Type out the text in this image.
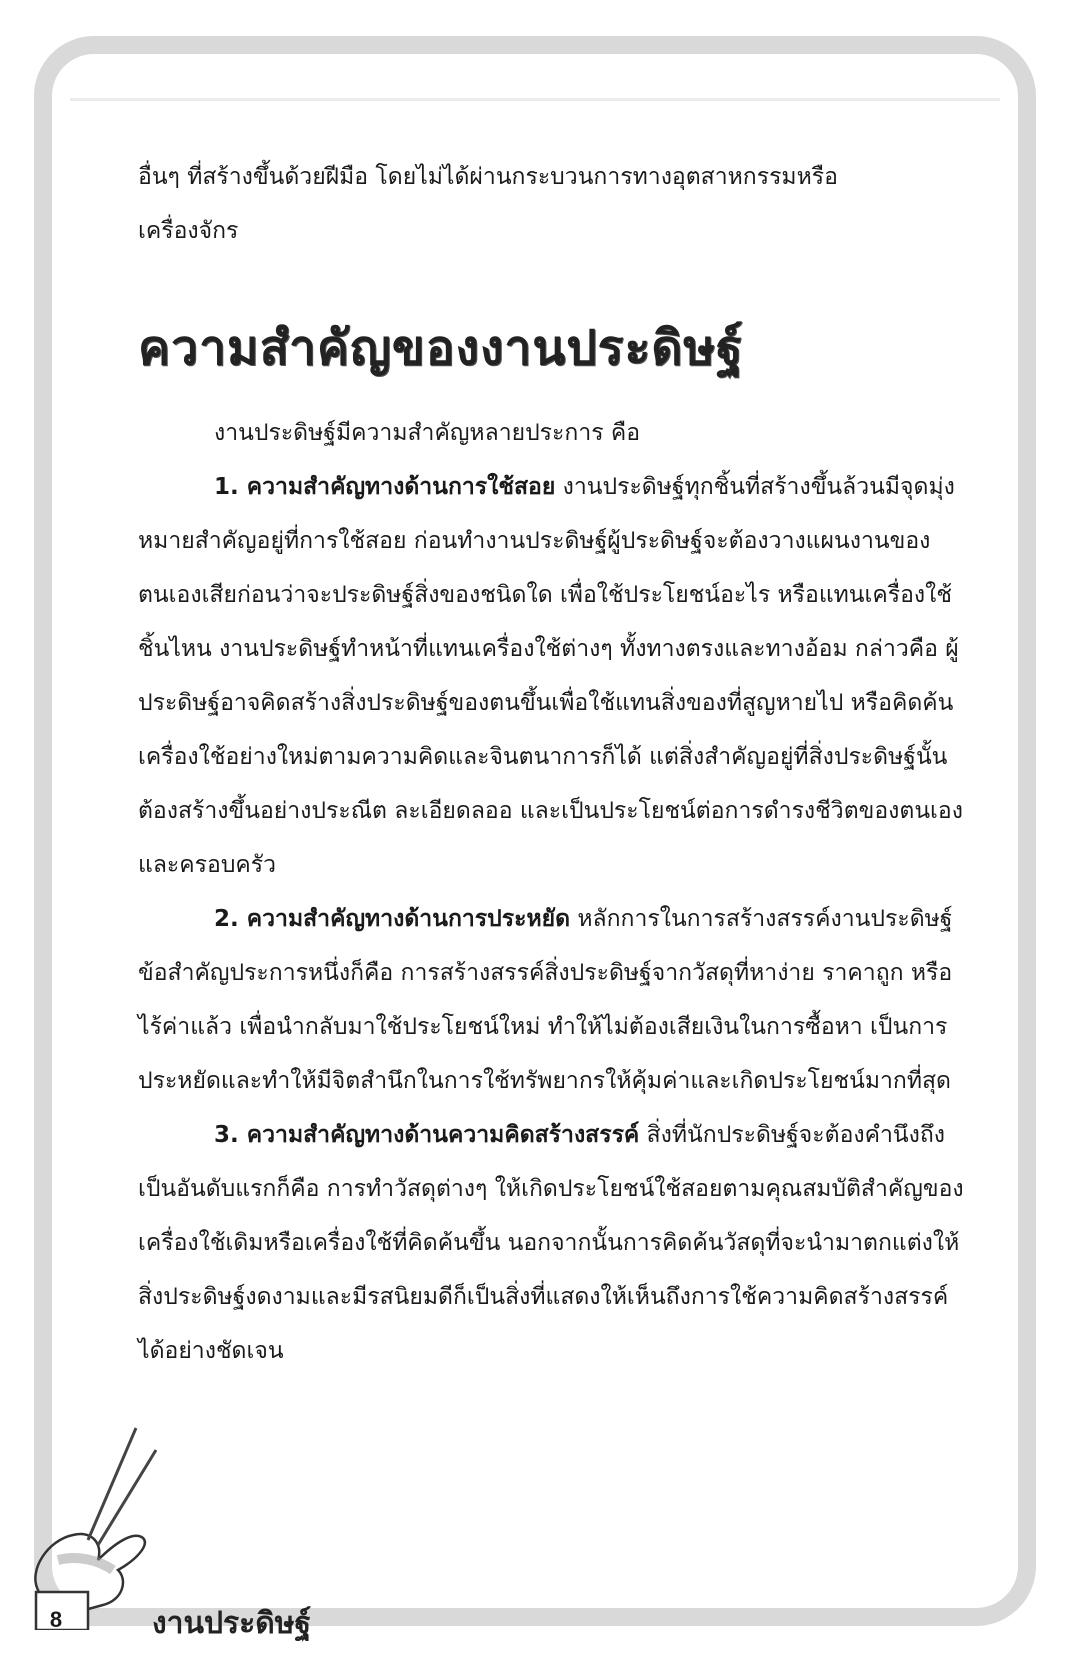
อื่นๆ ที่สร้างขึ้นด้วยฝีมือ โดยไม่ได้ผ่านกระบวนการทางอุตสาหกรรมหรือ

เครื่องจักร

ความสำคัญของงานประดิษฐ์

งานประดิษฐ์มีความสำคัญหลายประการ คือ

1. ความสำคัญทางด้านการใช้สอย งานประดิษฐ์ทุกชิ้นที่สร้างขึ้นล้วนมีจุดมุ่งหมายสำคัญอยู่ที่การใช้สอย ก่อนทำงานประดิษฐ์ผู้ประดิษฐ์จะต้องวางแผนงานของตนเองเสียก่อนว่าจะประดิษฐ์สิ่งของชนิดใด เพื่อใช้ประโยชน์อะไร หรือแทนเครื่องใช้ชิ้นไหน งานประดิษฐ์ทำหน้าที่แทนเครื่องใช้ต่างๆ ทั้งทางตรงและทางอ้อม กล่าวคือ ผู้ประดิษฐ์อาจคิดสร้างสิ่งประดิษฐ์ของตนขึ้นเพื่อใช้แทนสิ่งของที่สูญหายไป หรือคิดค้นเครื่องใช้อย่างใหม่ตามความคิดและจินตนาการก็ได้ แต่สิ่งสำคัญอยู่ที่สิ่งประดิษฐ์นั้นต้องสร้างขึ้นอย่างประณีต ละเอียดลออ และเป็นประโยชน์ต่อการดำรงชีวิตของตนเองและครอบครัว

2. ความสำคัญทางด้านการประหยัด หลักการในการสร้างสรรค์งานประดิษฐ์ข้อสำคัญประการหนึ่งก็คือ การสร้างสรรค์สิ่งประดิษฐ์จากวัสดุที่หาง่าย ราคาถูก หรือไร้ค่าแล้ว เพื่อนำกลับมาใช้ประโยชน์ใหม่ ทำให้ไม่ต้องเสียเงินในการซื้อหา เป็นการประหยัดและทำให้มีจิตสำนึกในการใช้ทรัพยากรให้คุ้มค่าและเกิดประโยชน์มากที่สุด

3. ความสำคัญทางด้านความคิดสร้างสรรค์ สิ่งที่นักประดิษฐ์จะต้องคำนึงถึงเป็นอันดับแรกก็คือ การทำวัสดุต่างๆ ให้เกิดประโยชน์ใช้สอยตามคุณสมบัติสำคัญของเครื่องใช้เดิมหรือเครื่องใช้ที่คิดค้นขึ้น นอกจากนั้นการคิดค้นวัสดุที่จะนำมาตกแต่งให้สิ่งประดิษฐ์งดงามและมีรสนิยมดีก็เป็นสิ่งที่แสดงให้เห็นถึงการใช้ความคิดสร้างสรรค์ได้อย่างชัดเจน

8	งานประดิษฐ์
